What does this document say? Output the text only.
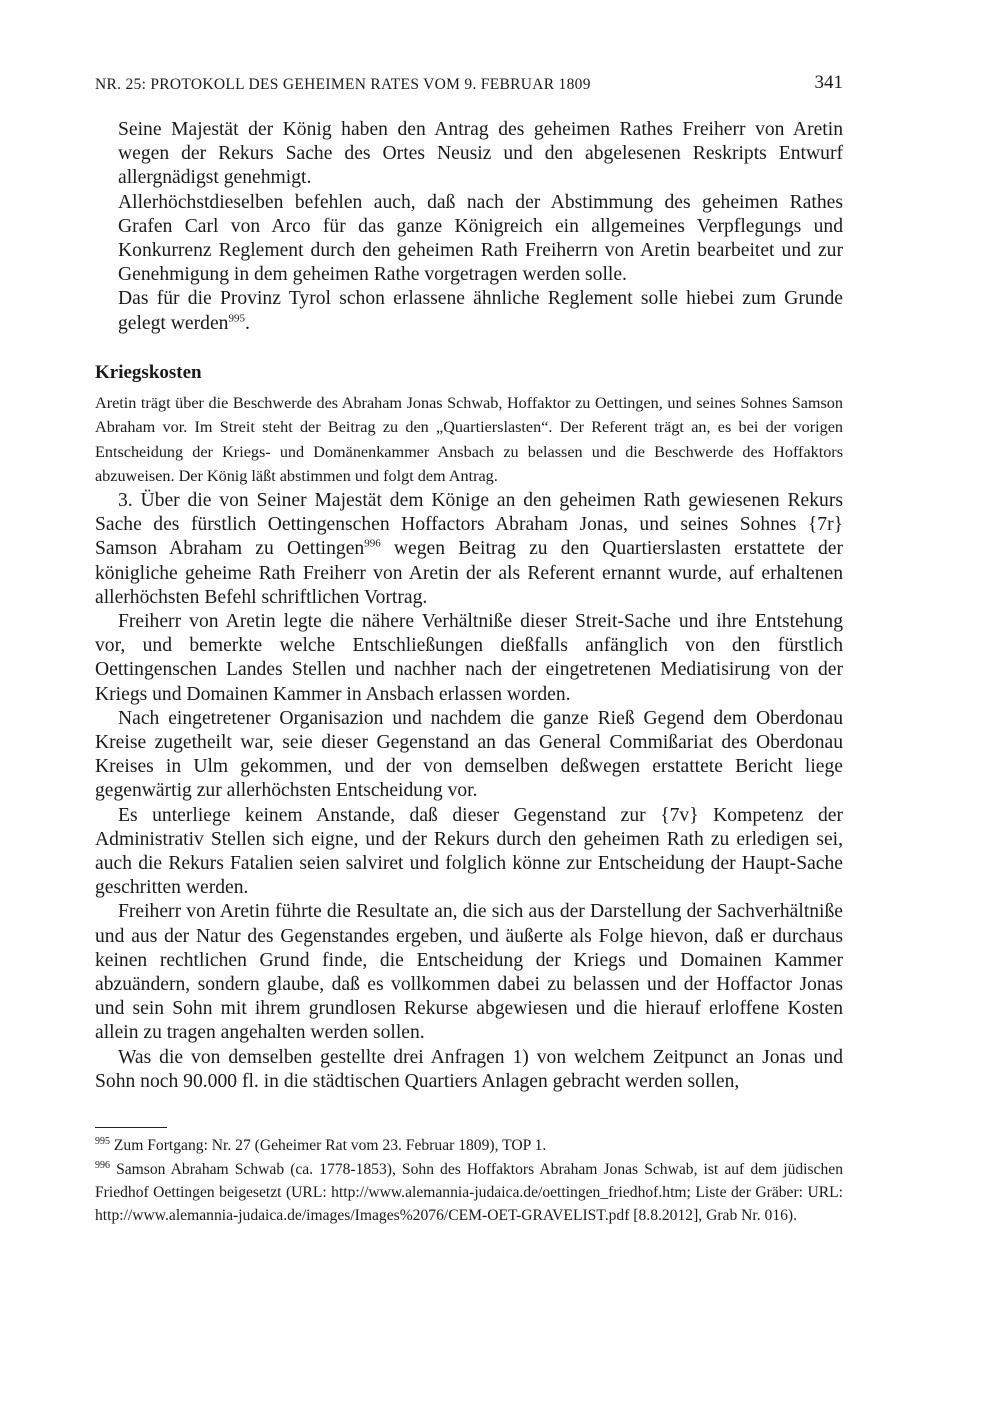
NR. 25: PROTOKOLL DES GEHEIMEN RATES VOM 9. FEBRUAR 1809	341

Seine Majestät der König haben den Antrag des geheimen Rathes Freiherr von Aretin wegen der Rekurs Sache des Ortes Neusiz und den abgelesenen Reskripts Entwurf allergnädigst genehmigt.

Allerhöchstdieselben befehlen auch, daß nach der Abstimmung des geheimen Rathes Grafen Carl von Arco für das ganze Königreich ein allgemeines Verpflegungs und Konkurrenz Reglement durch den geheimen Rath Freiherrn von Aretin bearbeitet und zur Genehmigung in dem geheimen Rathe vorgetragen werden solle.

Das für die Provinz Tyrol schon erlassene ähnliche Reglement solle hiebei zum Grunde gelegt werden$^{995}$.

Kriegskosten

Aretin trägt über die Beschwerde des Abraham Jonas Schwab, Hoffaktor zu Oettingen, und seines Sohnes Samson Abraham vor. Im Streit steht der Beitrag zu den „Quartierslasten“. Der Referent trägt an, es bei der vorigen Entscheidung der Kriegs- und Domänenkammer Ansbach zu belassen und die Beschwerde des Hoffaktors abzuweisen. Der König läßt abstimmen und folgt dem Antrag.

3. Über die von Seiner Majestät dem Könige an den geheimen Rath gewiesenen Rekurs Sache des fürstlich Oettingenschen Hoffactors Abraham Jonas, und seines Sohnes {7r} Samson Abraham zu Oettingen$^{996}$ wegen Beitrag zu den Quartierslasten erstattete der königliche geheime Rath Freiherr von Aretin der als Referent ernannt wurde, auf erhaltenen allerhöchsten Befehl schriftlichen Vortrag.

Freiherr von Aretin legte die nähere Verhältniße dieser Streit-Sache und ihre Entstehung vor, und bemerkte welche Entschließungen dießfalls anfänglich von den fürstlich Oettingenschen Landes Stellen und nachher nach der eingetretenen Mediatisirung von der Kriegs und Domainen Kammer in Ansbach erlassen worden.

Nach eingetretener Organisazion und nachdem die ganze Rieß Gegend dem Oberdonau Kreise zugetheilt war, seie dieser Gegenstand an das General Commißariat des Oberdonau Kreises in Ulm gekommen, und der von demselben deßwegen erstattete Bericht liege gegenwärtig zur allerhöchsten Entscheidung vor.

Es unterliege keinem Anstande, daß dieser Gegenstand zur {7v} Kompetenz der Administrativ Stellen sich eigne, und der Rekurs durch den geheimen Rath zu erledigen sei, auch die Rekurs Fatalien seien salviret und folglich könne zur Entscheidung der Haupt-Sache geschritten werden.

Freiherr von Aretin führte die Resultate an, die sich aus der Darstellung der Sachverhältniße und aus der Natur des Gegenstandes ergeben, und äußerte als Folge hievon, daß er durchaus keinen rechtlichen Grund finde, die Entscheidung der Kriegs und Domainen Kammer abzuändern, sondern glaube, daß es vollkommen dabei zu belassen und der Hoffactor Jonas und sein Sohn mit ihrem grundlosen Rekurse abgewiesen und die hierauf erloffene Kosten allein zu tragen angehalten werden sollen.

Was die von demselben gestellte drei Anfragen 1) von welchem Zeitpunct an Jonas und Sohn noch 90.000 fl. in die städtischen Quartiers Anlagen gebracht werden sollen,

$^{995}$ Zum Fortgang: Nr. 27 (Geheimer Rat vom 23. Februar 1809), TOP 1.

$^{996}$ Samson Abraham Schwab (ca. 1778-1853), Sohn des Hoffaktors Abraham Jonas Schwab, ist auf dem jüdischen Friedhof Oettingen beigesetzt (URL: http://www.alemannia-judaica.de/oettingen_friedhof.htm; Liste der Gräber: URL: http://www.alemannia-judaica.de/images/Images%2076/CEM-OET-GRAVELIST.pdf [8.8.2012], Grab Nr. 016).
